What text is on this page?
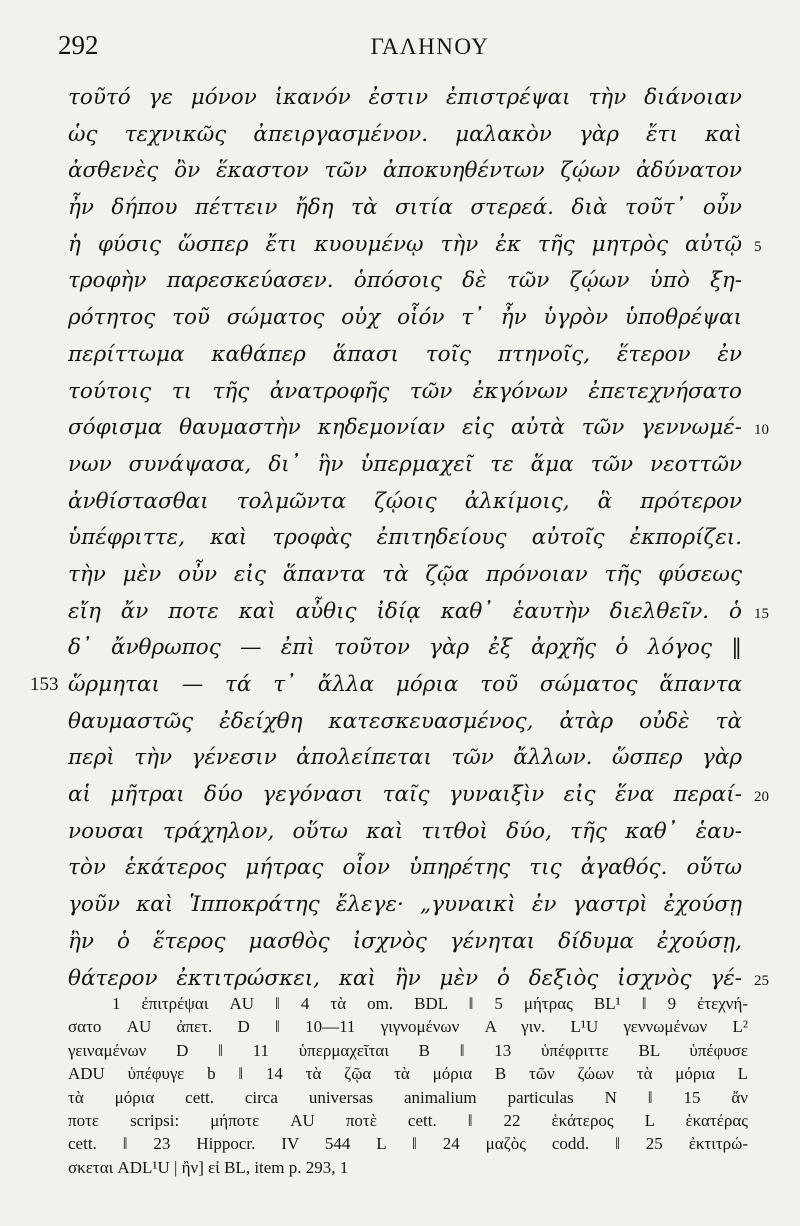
292	ΓΑΛΗΝΟΥ
τοῦτό γε μόνον ἱκανόν ἐστιν ἐπιστρέψαι τὴν διάνοιαν
ὡς τεχνικῶς ἀπειργασμένον. μαλακὸν γὰρ ἔτι καὶ
ἀσθενὲς ὂν ἕκαστον τῶν ἀποκυηθέντων ζῴων ἀδύνατον
ἦν δήπου πέττειν ἤδη τὰ σιτία στερεά. διὰ τοῦτ᾽ οὖν
ἡ φύσις ὥσπερ ἔτι κυουμένῳ τὴν ἐκ τῆς μητρὸς αὐτῷ 5
τροφὴν παρεσκεύασεν. ὁπόσοις δὲ τῶν ζῴων ὑπὸ ξη-
ρότητος τοῦ σώματος οὐχ οἷόν τ᾽ ἦν ὑγρὸν ὑποθρέψαι
περίττωμα καθάπερ ἅπασι τοῖς πτηνοῖς, ἕτερον ἐν
τούτοις τι τῆς ἀνατροφῆς τῶν ἐκγόνων ἐπετεχνήσατο
σόφισμα θαυμαστὴν κηδεμονίαν εἰς αὐτὰ τῶν γεννωμέ- 10
νων συνάψασα, δι᾽ ἣν ὑπερμαχεῖ τε ἅμα τῶν νεοττῶν
ἀνθίστασθαι τολμῶντα ζῴοις ἀλκίμοις, ἃ πρότερον
ὑπέφριττε, καὶ τροφὰς ἐπιτηδείους αὐτοῖς ἐκπορίζει.
τὴν μὲν οὖν εἰς ἅπαντα τὰ ζῷα πρόνοιαν τῆς φύσεως
εἴη ἄν ποτε καὶ αὖθις ἰδίᾳ καθ᾽ ἑαυτὴν διελθεῖν. ὁ 15
δ᾽ ἄνθρωπος — ἐπὶ τοῦτον γὰρ ἐξ ἀρχῆς ὁ λόγος ‖
ὥρμηται — τά τ᾽ ἄλλα μόρια τοῦ σώματος ἅπαντα
153
θαυμαστῶς ἐδείχθη κατεσκευασμένος, ἀτὰρ οὐδὲ τὰ
περὶ τὴν γένεσιν ἀπολείπεται τῶν ἄλλων. ὥσπερ γὰρ
αἱ μῆτραι δύο γεγόνασι ταῖς γυναιξὶν εἰς ἕνα περαί- 20
νουσαι τράχηλον, οὕτω καὶ τιτθοὶ δύο, τῆς καθ᾽ ἑαυ-
τὸν ἑκάτερος μήτρας οἷον ὑπηρέτης τις ἀγαθός. οὕτω
γοῦν καὶ Ἱπποκράτης ἔλεγε· „γυναικὶ ἐν γαστρὶ ἐχούσῃ
ἢν ὁ ἕτερος μασθὸς ἰσχνὸς γένηται δίδυμα ἐχούσῃ,
θάτερον ἐκτιτρώσκει, καὶ ἢν μὲν ὁ δεξιὸς ἰσχνὸς γέ- 25
1 ἐπιτρέψαι AU ‖ 4 τὰ om. BDL ‖ 5 μήτρας BL¹ ‖ 9 ἐτεχνή-
σατο AU ἀπετ. D ‖ 10—11 γιγνομένων A γιν. L¹U γεννωμένων L²
γειναμένων D ‖ 11 ὑπερμαχεῖται B ‖ 13 ὑπέφριττε BL ὑπέφυσε
ADU ὑπέφυγε b ‖ 14 τὰ ζῷα τὰ μόρια B τῶν ζώων τὰ μόρια L
τὰ μόρια cett. circa universas animalium particulas N ‖ 15 ἄν
ποτε scripsi: μήποτε AU ποτὲ cett. ‖ 22 ἑκάτερος L ἑκατέρας
cett. ‖ 23 Hippocr. IV 544 L ‖ 24 μαζὸς codd. ‖ 25 ἐκτιτρώ-
σκεται ADL¹U | ἢν] εἰ BL, item p. 293, 1
